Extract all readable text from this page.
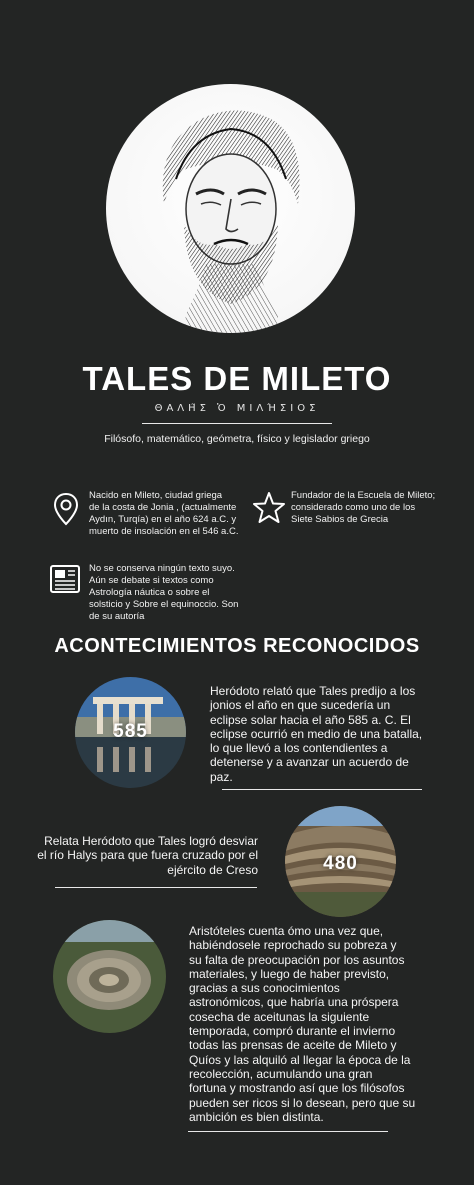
TALES DE MILETO
ΘΑΛΗ͂Σ Ὁ ΜΙΛΉΣΙΟΣ
Filósofo, matemático, geómetra, físico y legislador griego
Nacido en Mileto, ciudad griega
de la costa de Jonia , (actualmente
Aydın, Turqía) en el año 624 a.C. y
muerto de insolación en el 546 a.C.
Fundador de la Escuela de Mileto;
considerado como uno de los
Siete Sabios de Grecia
No se conserva ningún texto suyo.
Aún se debate si textos como
Astrología náutica o sobre el
solsticio y Sobre el equinoccio. Son
de su autoría
ACONTECIMIENTOS RECONOCIDOS
585
Heródoto relató que Tales predijo a los
jonios el año en que sucedería un
eclipse solar hacia el año 585 a. C. El
eclipse ocurrió en medio de una batalla,
lo que llevó a los contendientes a
detenerse y a avanzar un acuerdo de
paz.
480
Relata Heródoto que Tales logró desviar
el río Halys para que fuera cruzado por el
ejército de Creso
Aristóteles cuenta ómo una vez que,
habiéndosele reprochado su pobreza y
su falta de preocupación por los asuntos
materiales, y luego de haber previsto,
gracias a sus conocimientos
astronómicos, que habría una próspera
cosecha de aceitunas la siguiente
temporada, compró durante el invierno
todas las prensas de aceite de Mileto y
Quíos y las alquiló al llegar la época de la
recolección, acumulando una gran
fortuna y mostrando así que los filósofos
pueden ser ricos si lo desean, pero que su
ambición es bien distinta.
